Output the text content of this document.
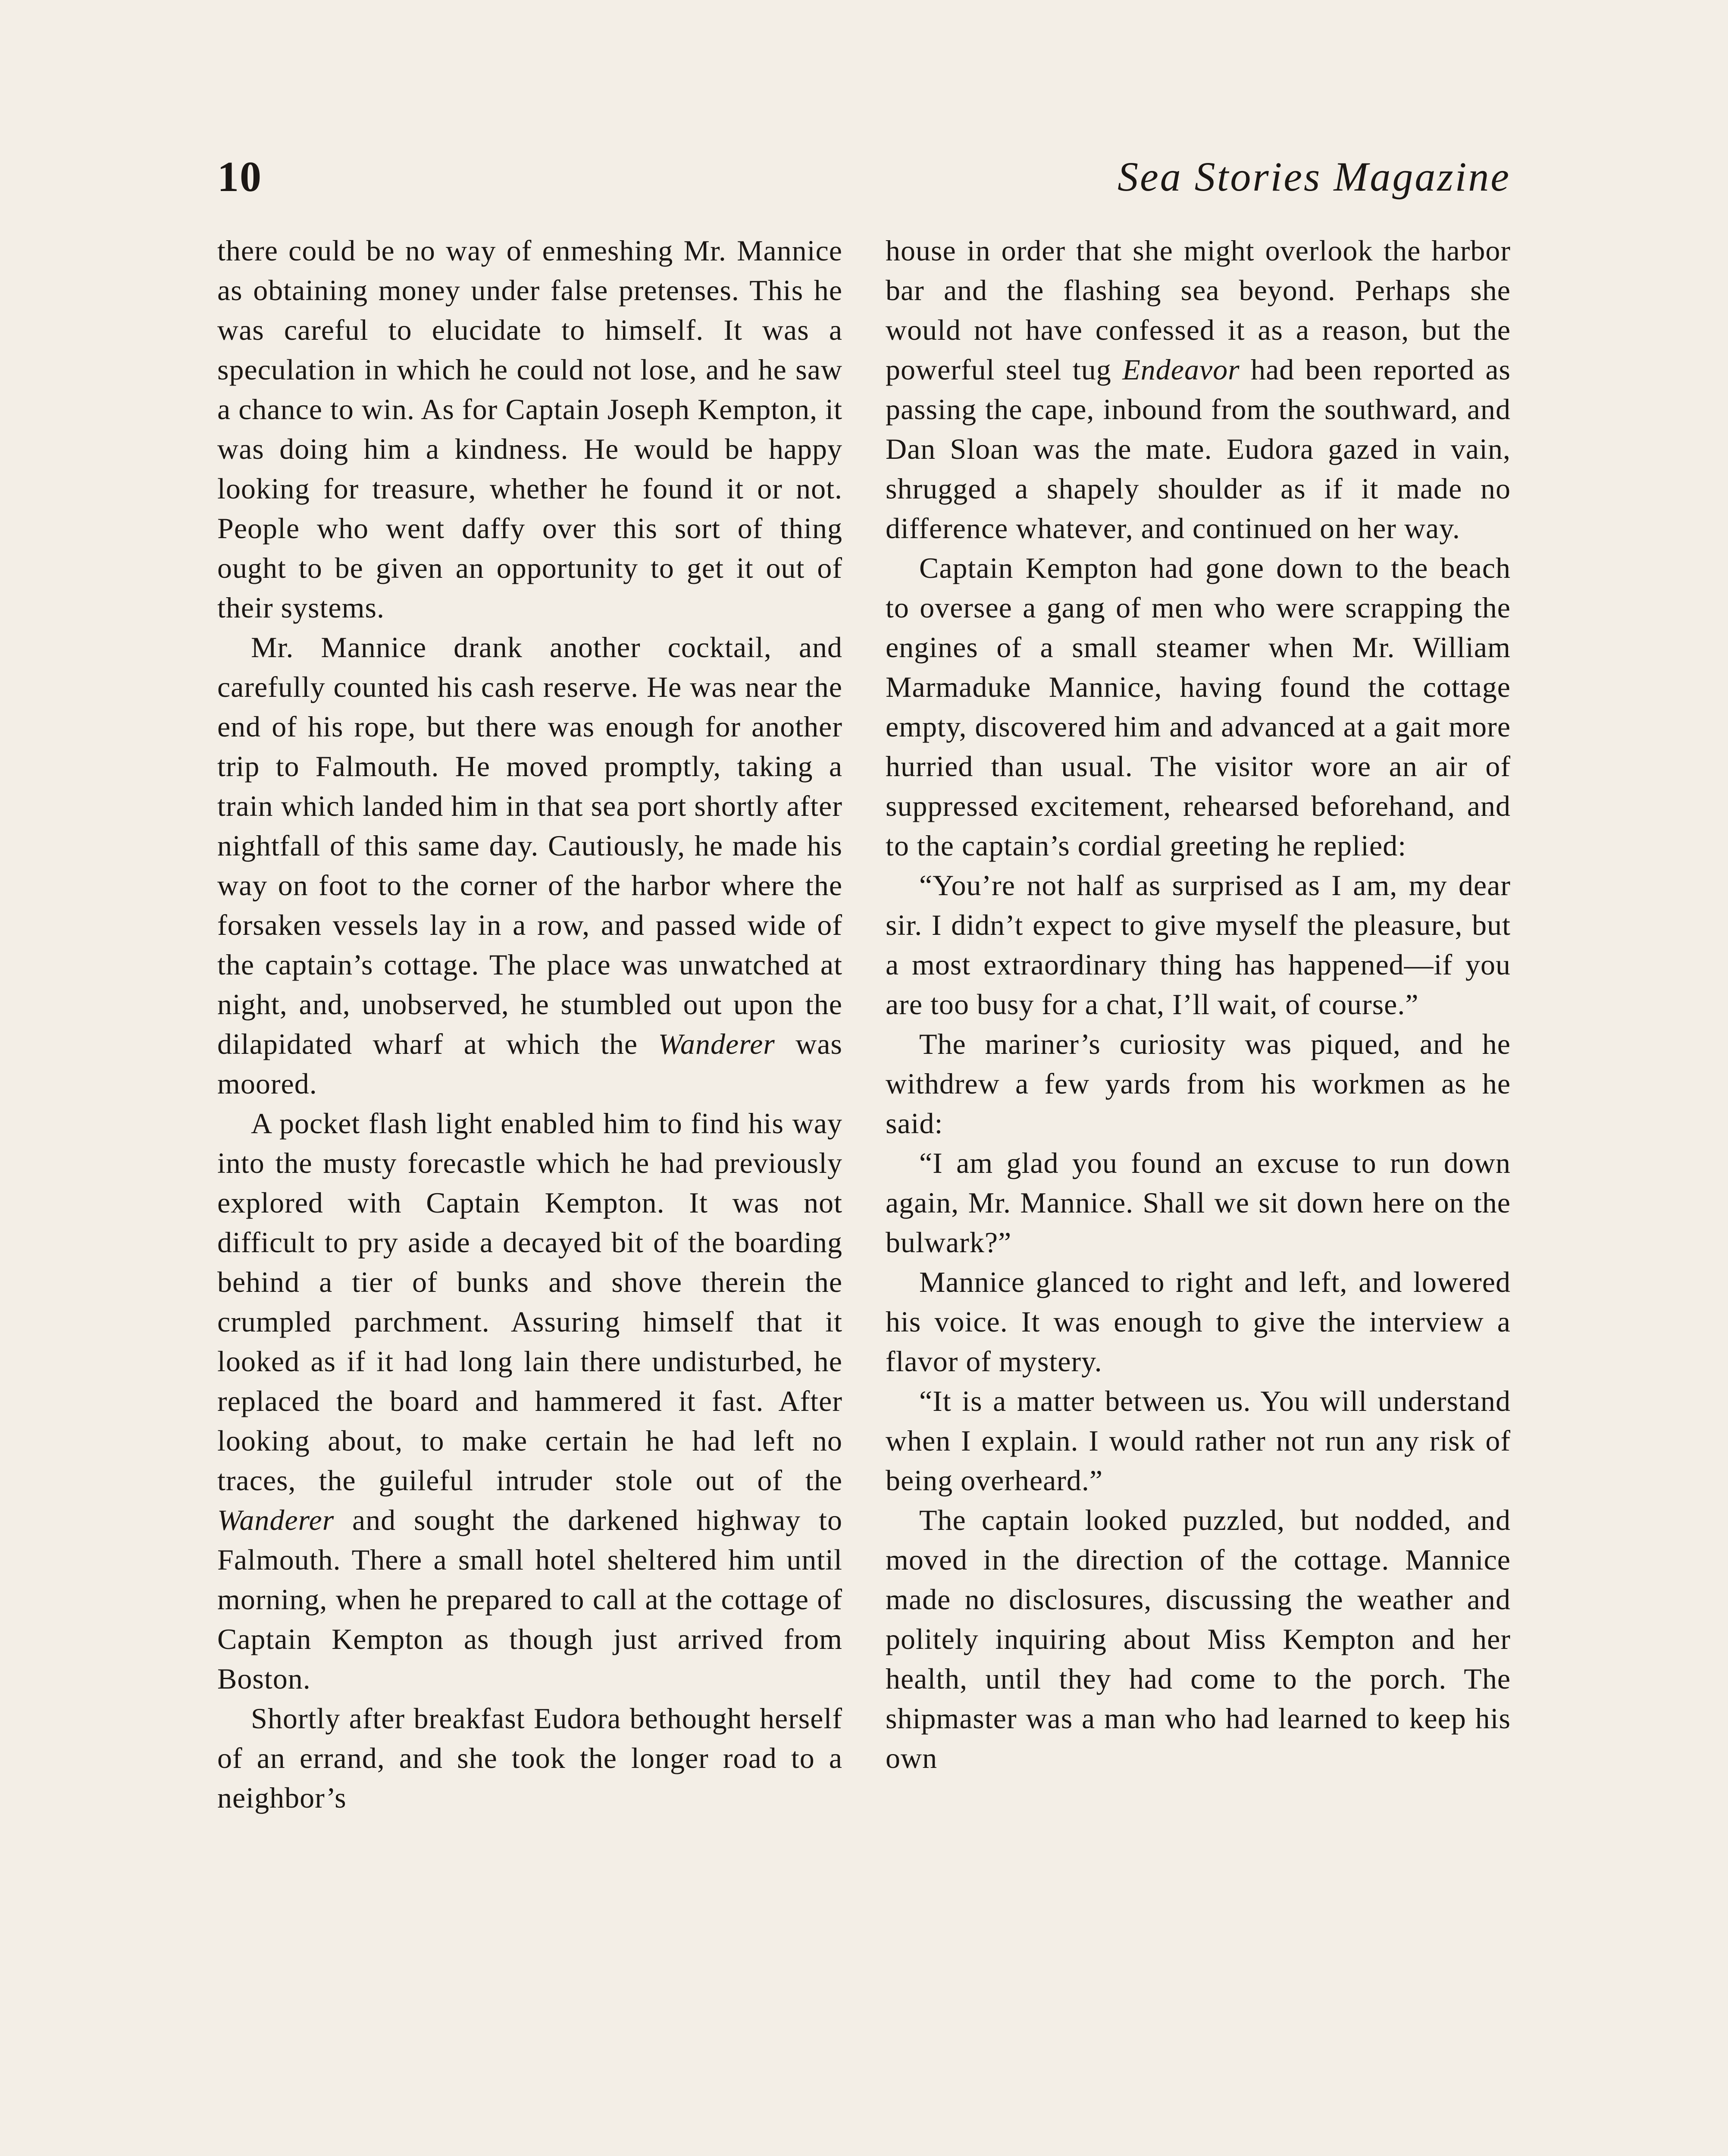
10	Sea Stories Magazine

there could be no way of enmeshing Mr. Mannice as obtaining money under false pretenses. This he was careful to elucidate to himself. It was a speculation in which he could not lose, and he saw a chance to win. As for Captain Joseph Kempton, it was doing him a kindness. He would be happy looking for treasure, whether he found it or not. People who went daffy over this sort of thing ought to be given an opportunity to get it out of their systems.

Mr. Mannice drank another cocktail, and carefully counted his cash reserve. He was near the end of his rope, but there was enough for another trip to Falmouth. He moved promptly, taking a train which landed him in that sea port shortly after nightfall of this same day. Cautiously, he made his way on foot to the corner of the harbor where the forsaken vessels lay in a row, and passed wide of the captain’s cottage. The place was unwatched at night, and, unobserved, he stumbled out upon the dilapidated wharf at which the Wanderer was moored.

A pocket flash light enabled him to find his way into the musty forecastle which he had previously explored with Captain Kempton. It was not difficult to pry aside a decayed bit of the boarding behind a tier of bunks and shove therein the crumpled parchment. Assuring himself that it looked as if it had long lain there undisturbed, he replaced the board and hammered it fast. After looking about, to make certain he had left no traces, the guileful intruder stole out of the Wanderer and sought the darkened highway to Falmouth. There a small hotel sheltered him until morning, when he prepared to call at the cottage of Captain Kempton as though just arrived from Boston.

Shortly after breakfast Eudora bethought herself of an errand, and she took the longer road to a neighbor’s

house in order that she might overlook the harbor bar and the flashing sea beyond. Perhaps she would not have confessed it as a reason, but the powerful steel tug Endeavor had been reported as passing the cape, inbound from the southward, and Dan Sloan was the mate. Eudora gazed in vain, shrugged a shapely shoulder as if it made no difference whatever, and continued on her way.

Captain Kempton had gone down to the beach to oversee a gang of men who were scrapping the engines of a small steamer when Mr. William Marmaduke Mannice, having found the cottage empty, discovered him and advanced at a gait more hurried than usual. The visitor wore an air of suppressed excitement, rehearsed beforehand, and to the captain’s cordial greeting he replied:

“You’re not half as surprised as I am, my dear sir. I didn’t expect to give myself the pleasure, but a most extraordinary thing has happened—if you are too busy for a chat, I’ll wait, of course.”

The mariner’s curiosity was piqued, and he withdrew a few yards from his workmen as he said:

“I am glad you found an excuse to run down again, Mr. Mannice. Shall we sit down here on the bulwark?”

Mannice glanced to right and left, and lowered his voice. It was enough to give the interview a flavor of mystery.

“It is a matter between us. You will understand when I explain. I would rather not run any risk of being overheard.”

The captain looked puzzled, but nodded, and moved in the direction of the cottage. Mannice made no disclosures, discussing the weather and politely inquiring about Miss Kempton and her health, until they had come to the porch. The shipmaster was a man who had learned to keep his own
